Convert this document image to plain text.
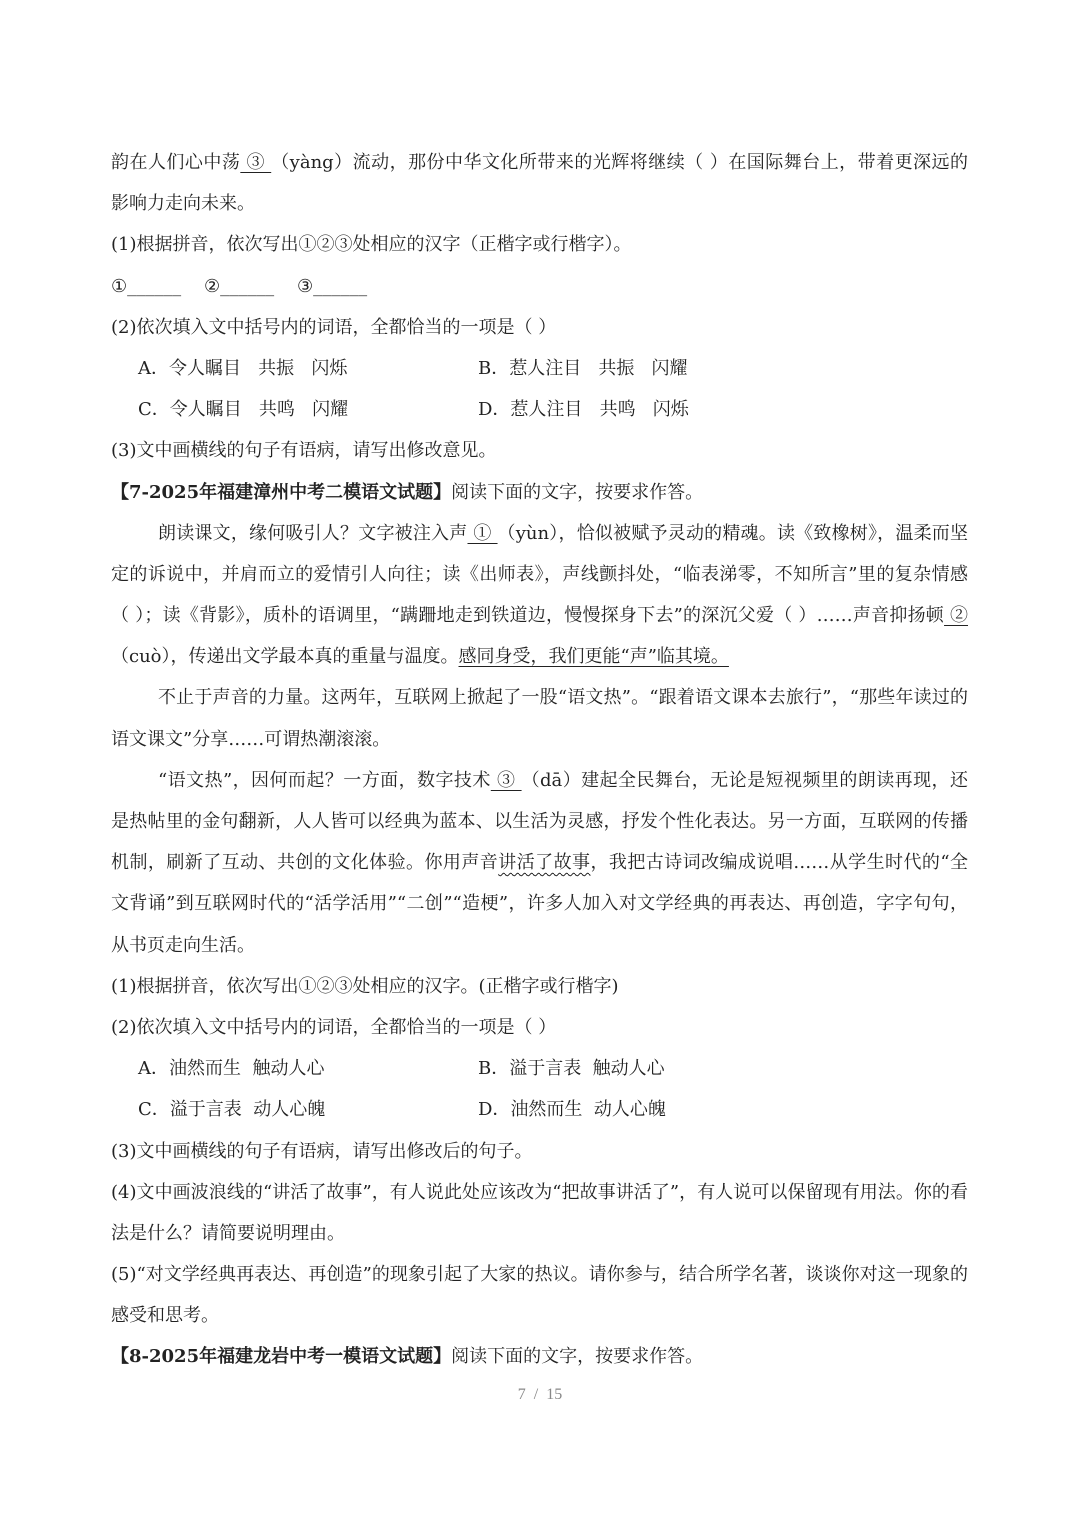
韵在人们心中荡 ③ （yàng）流动，那份中华文化所带来的光辉将继续（ ）在国际舞台上，带着更深远的
影响力走向未来。
(1)根据拼音，依次写出①②③处相应的汉字（正楷字或行楷字）。
①______    ②______    ③______
(2)依次填入文中括号内的词语，全都恰当的一项是（ ）
A．令人瞩目   共振   闪烁	B．惹人注目   共振   闪耀
C．令人瞩目   共鸣   闪耀	D．惹人注目   共鸣   闪烁
(3)文中画横线的句子有语病，请写出修改意见。
【7-2025年福建漳州中考二模语文试题】阅读下面的文字，按要求作答。
朗读课文，缘何吸引人？文字被注入声 ① （yùn），恰似被赋予灵动的精魂。读《致橡树》，温柔而坚
定的诉说中，并肩而立的爱情引人向往；读《出师表》，声线颤抖处，“临表涕零，不知所言”里的复杂情感
（ ）；读《背影》，质朴的语调里，“蹒跚地走到铁道边，慢慢探身下去”的深沉父爱（ ）……声音抑扬顿 ②
（cuò），传递出文学最本真的重量与温度。感同身受，我们更能“声”临其境。
不止于声音的力量。这两年，互联网上掀起了一股“语文热”。“跟着语文课本去旅行”，“那些年读过的
语文课文”分享……可谓热潮滚滚。
“语文热”，因何而起？一方面，数字技术 ③ （dā）建起全民舞台，无论是短视频里的朗读再现，还
是热帖里的金句翻新，人人皆可以经典为蓝本、以生活为灵感，抒发个性化表达。另一方面，互联网的传播
机制，刷新了互动、共创的文化体验。你用声音讲活了故事，我把古诗词改编成说唱……从学生时代的“全
文背诵”到互联网时代的“活学活用”“二创”“造梗”，许多人加入对文学经典的再表达、再创造，字字句句，
从书页走向生活。
(1)根据拼音，依次写出①②③处相应的汉字。(正楷字或行楷字)
(2)依次填入文中括号内的词语，全都恰当的一项是（ ）
A．油然而生  触动人心	B．溢于言表  触动人心
C．溢于言表  动人心魄	D．油然而生  动人心魄
(3)文中画横线的句子有语病，请写出修改后的句子。
(4)文中画波浪线的“讲活了故事”，有人说此处应该改为“把故事讲活了”，有人说可以保留现有用法。你的看
法是什么？请简要说明理由。
(5)“对文学经典再表达、再创造”的现象引起了大家的热议。请你参与，结合所学名著，谈谈你对这一现象的
感受和思考。
【8-2025年福建龙岩中考一模语文试题】阅读下面的文字，按要求作答。
7  /  15
